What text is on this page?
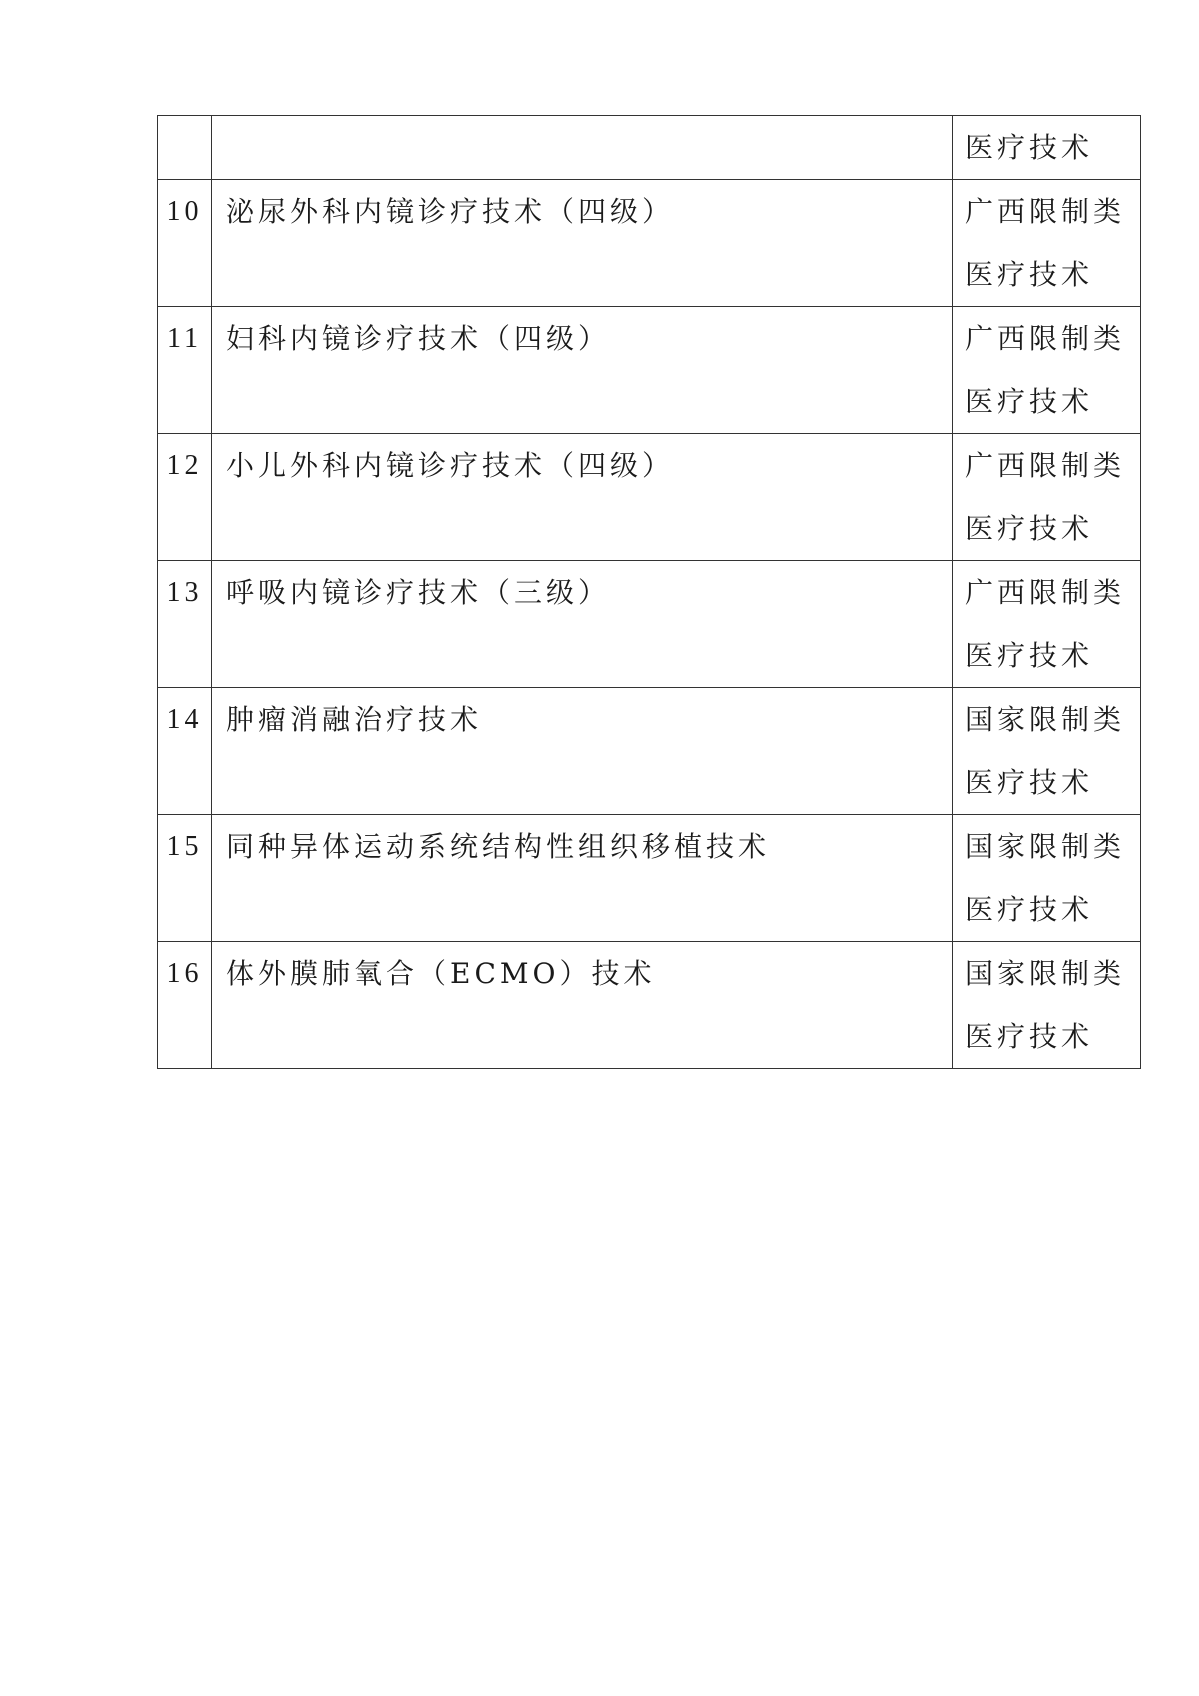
		医疗技术

10	泌尿外科内镜诊疗技术（四级）	广西限制类
医疗技术

11	妇科内镜诊疗技术（四级）	广西限制类
医疗技术

12	小儿外科内镜诊疗技术（四级）	广西限制类
医疗技术

13	呼吸内镜诊疗技术（三级）	广西限制类
医疗技术

14	肿瘤消融治疗技术	国家限制类
医疗技术

15	同种异体运动系统结构性组织移植技术	国家限制类
医疗技术

16	体外膜肺氧合（ECMO）技术	国家限制类
医疗技术
